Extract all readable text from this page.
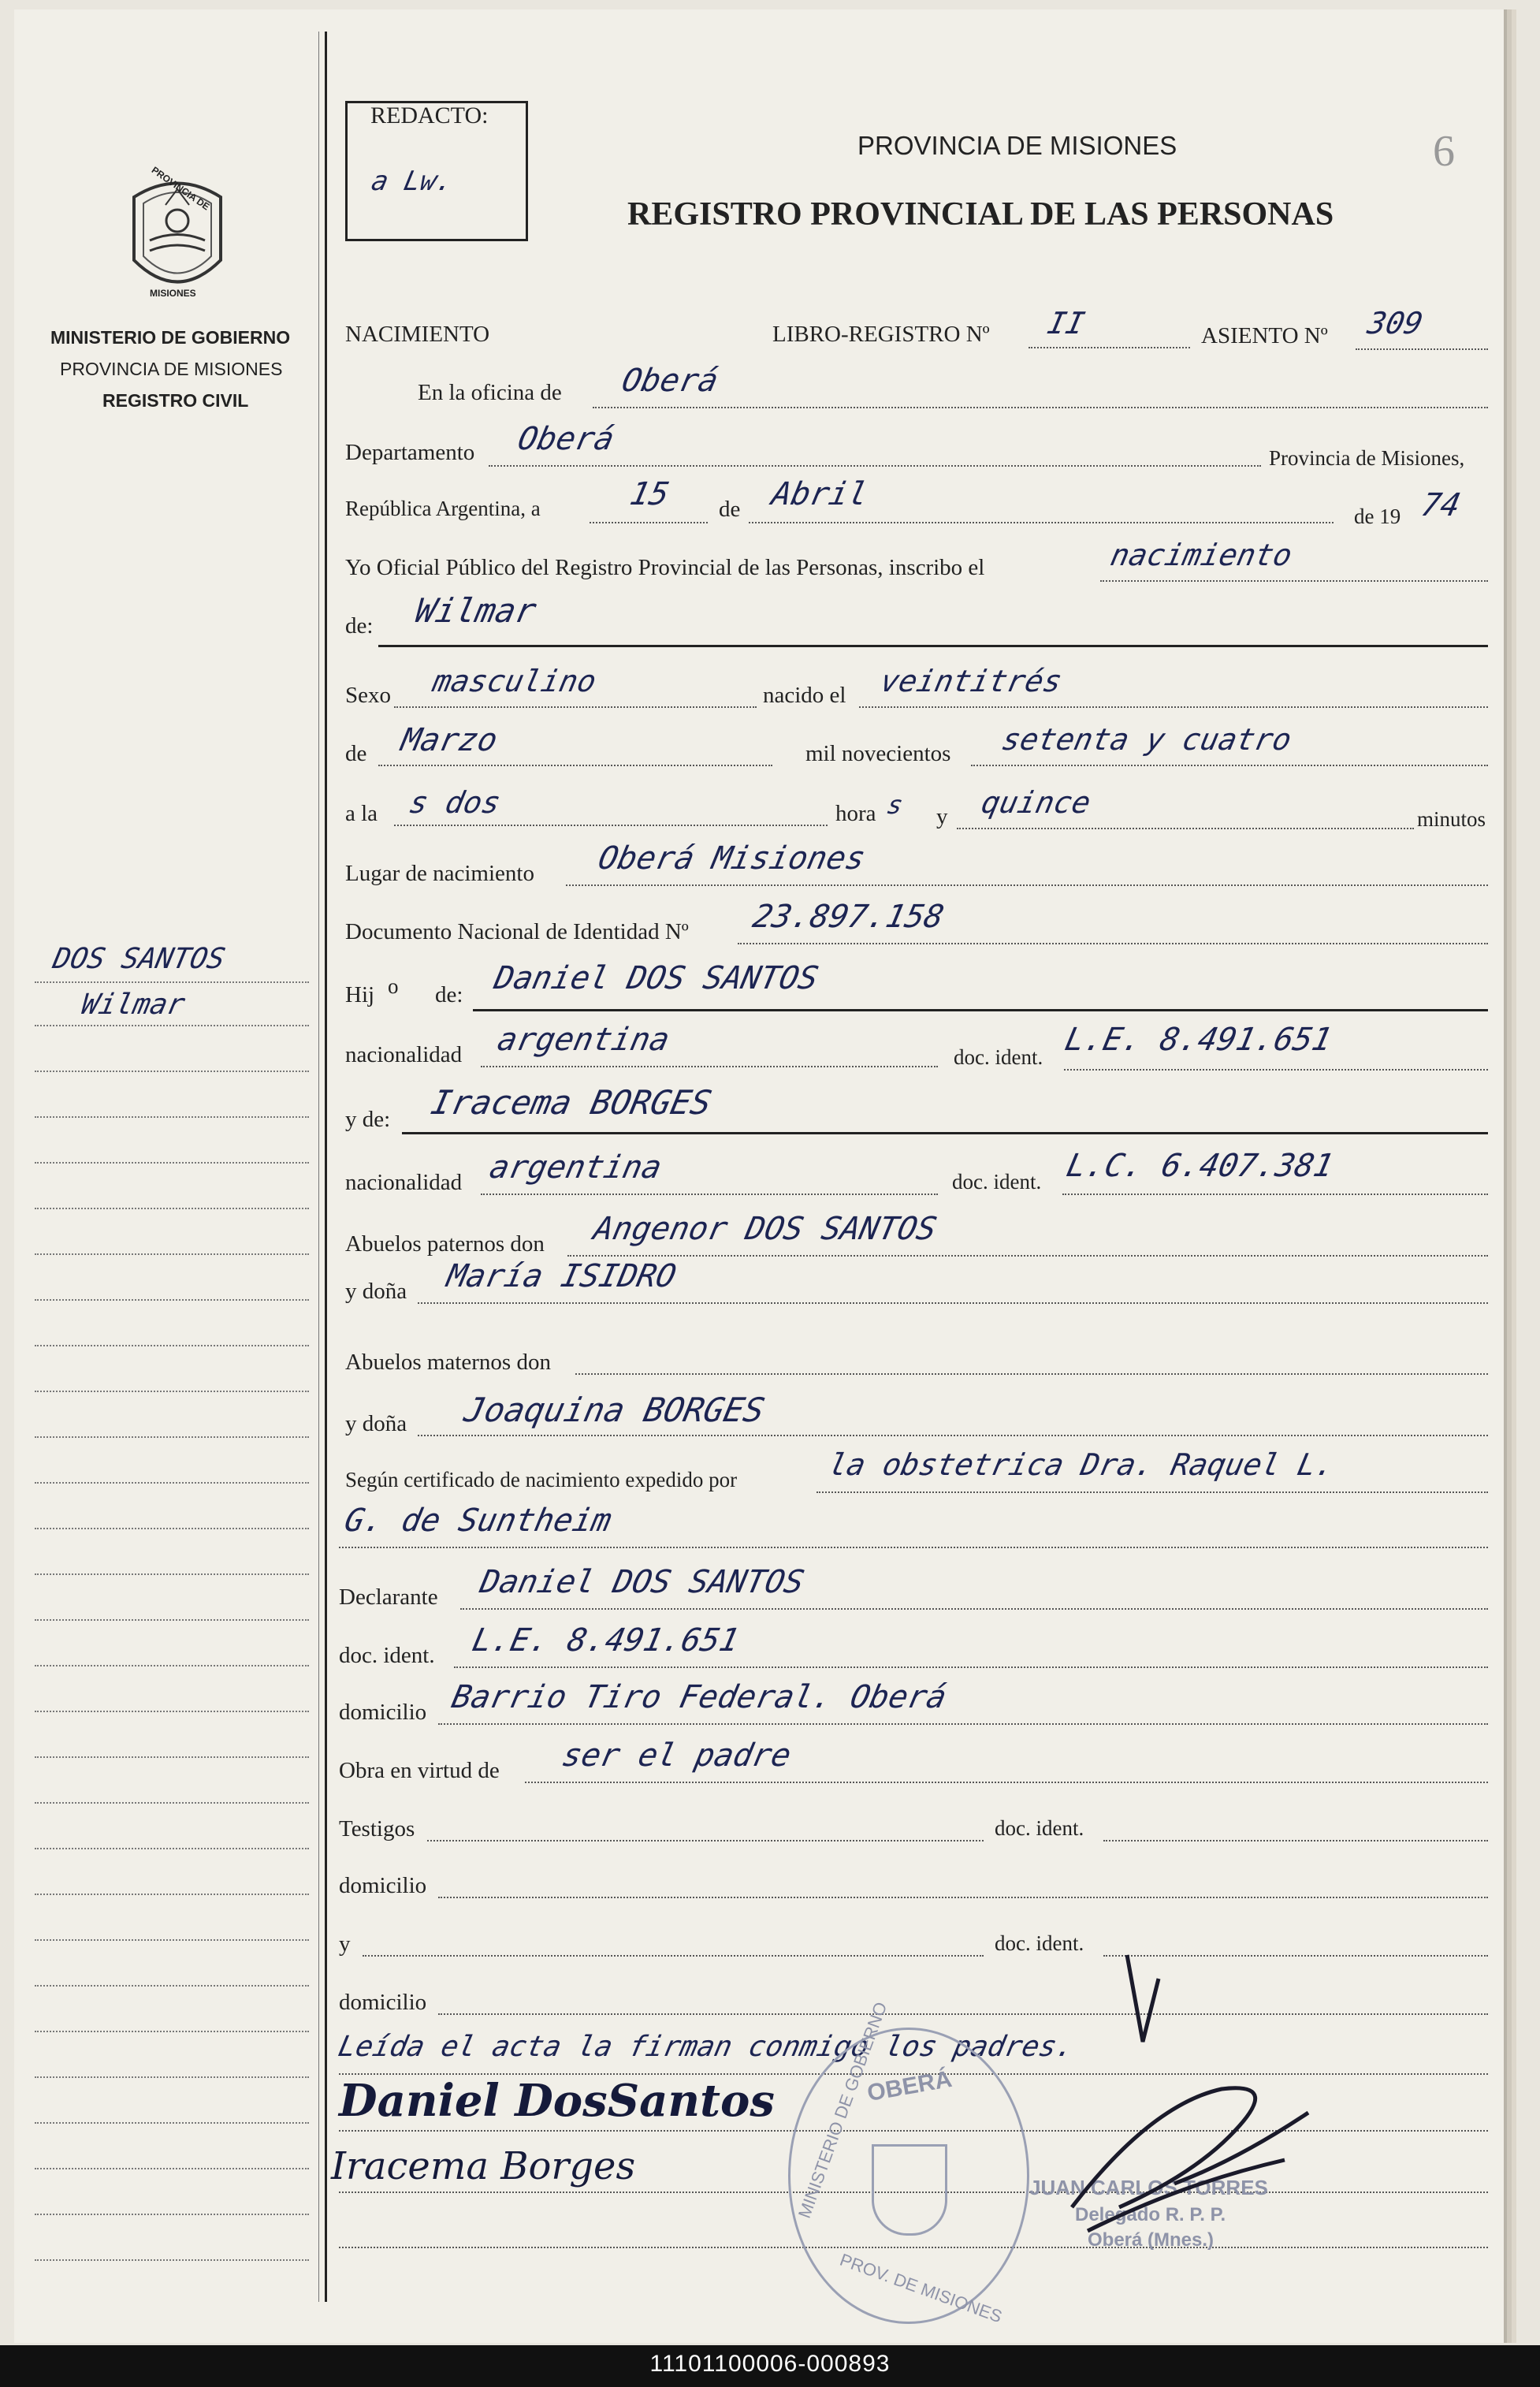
PROVINCIA DE
MISIONES
MINISTERIO DE GOBIERNO
PROVINCIA DE MISIONES
REGISTRO CIVIL
DOS SANTOS
Wilmar
REDACTO:
a Lw.
PROVINCIA DE MISIONES
REGISTRO PROVINCIAL DE LAS PERSONAS
6
NACIMIENTO	LIBRO-REGISTRO Nº II	ASIENTO Nº 309
En la oficina de Oberá
Departamento Oberá
Provincia de Misiones,
República Argentina, a	15 de Abril
de 19 74
Yo Oficial Público del Registro Provincial de las Personas, inscribo el	nacimiento
de: Wilmar
Sexo masculino	nacido el veintitrés
de Marzo	mil novecientos setenta y cuatro
a la s dos	hora s y quince	minutos
Lugar de nacimiento Oberá Misiones
Documento Nacional de Identidad Nº 23.897.158
Hij o de: Daniel DOS SANTOS
nacionalidad argentina	doc. ident. L.E. 8.491.651
y de: Iracema BORGES
nacionalidad argentina	doc. ident. L.C. 6.407.381
Abuelos paternos don Angenor DOS SANTOS
y doña María ISIDRO
Abuelos maternos don
y doña Joaquina BORGES
Según certificado de nacimiento expedido por	la obstetrica Dra. Raquel L.
G. de Suntheim
Declarante Daniel DOS SANTOS
doc. ident. L.E. 8.491.651
domicilio Barrio Tiro Federal. Oberá
Obra en virtud de ser el padre
Testigos	doc. ident.
domicilio
y	doc. ident.
domicilio
Leída el acta la firman conmigo los padres.
Daniel DosSantos
Iracema Borges
OBERÁ
MINISTERIO DE GOBIERNO
PROV. DE MISIONES
JUAN CARLOS TORRES
Delegado R. P. P.
Oberá (Mnes.)
11101100006-000893
